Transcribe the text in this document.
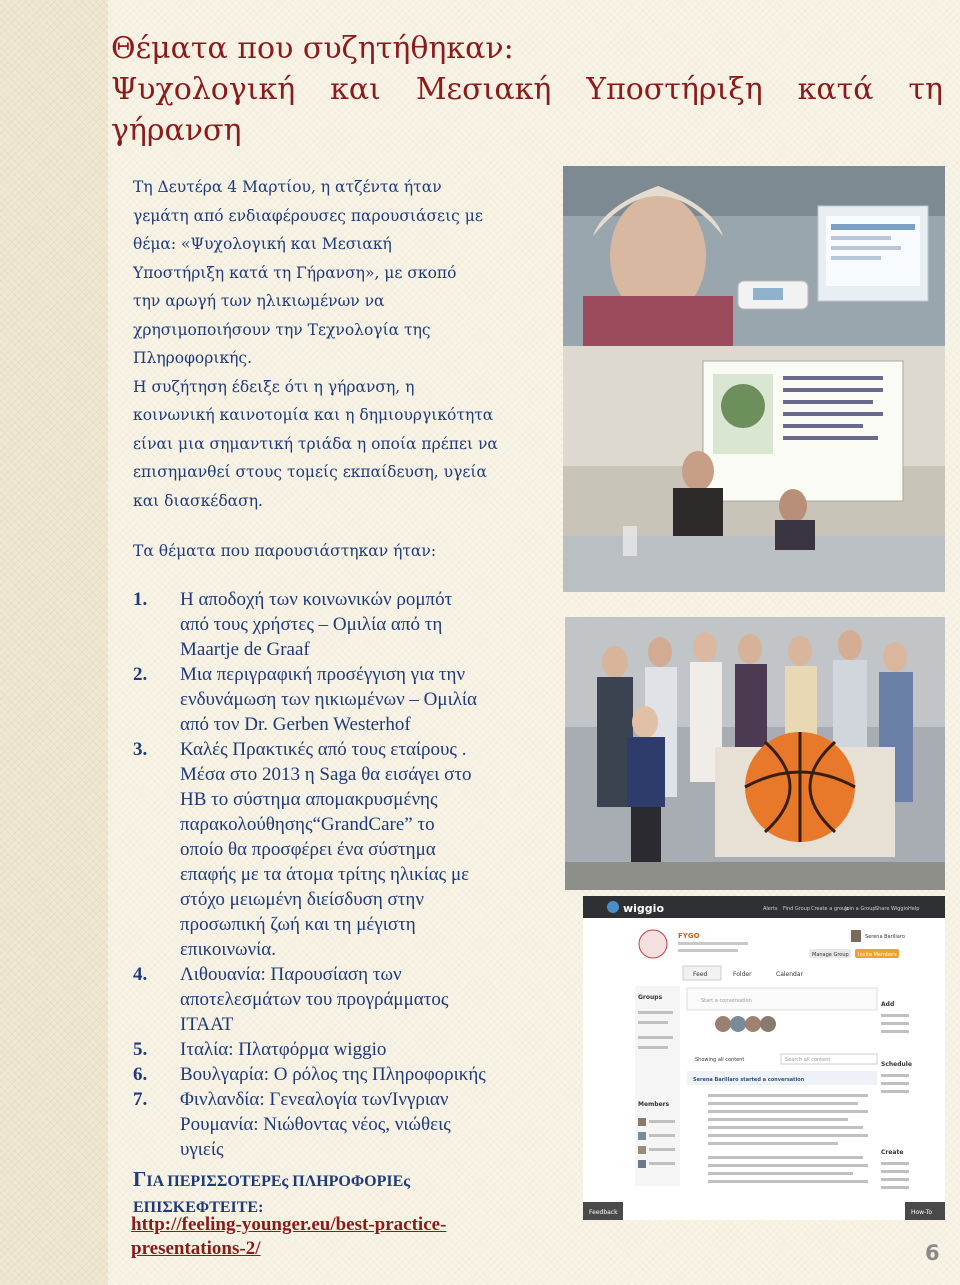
Θέματα που συζητήθηκαν:
Ψυχολογική και Μεσιακή Υποστήριξη κατά τη
γήρανση
Τη Δευτέρα 4 Μαρτίου, η ατζέντα ήταν
γεμάτη από ενδιαφέρουσες παρουσιάσεις με
θέμα: «Ψυχολογική και Μεσιακή
Υποστήριξη κατά τη Γήρανση», με σκοπό
την αρωγή των ηλικιωμένων να
χρησιμοποιήσουν την Τεχνολογία της
Πληροφορικής.
Η συζήτηση έδειξε ότι η γήρανση, η
κοινωνική καινοτομία και η δημιουργικότητα
είναι μια σημαντική τριάδα η οποία πρέπει να
επισημανθεί στους τομείς εκπαίδευση, υγεία
και διασκέδαση.
Τα θέματα που παρουσιάστηκαν ήταν:
1.	Η αποδοχή των κοινωνικών ρομπότ
από τους χρήστες – Ομιλία από τη
Maartje de Graaf
2.	Μια περιγραφική προσέγγιση για την
ενδυνάμωση των ηικιωμένων – Ομιλία
από τον Dr. Gerben Westerhof
3.	Καλές Πρακτικές από τους εταίρους .
Μέσα στο 2013 η Saga θα εισάγει στο
HB το σύστημα απομακρυσμένης
παρακολούθησης“GrandCare” το
οποίο θα προσφέρει ένα σύστημα
επαφής με τα άτομα τρίτης ηλικίας με
στόχο μειωμένη διείσδυση στην
προσωπική ζωή και τη μέγιστη
επικοινωνία.
4.	Λιθουανία: Παρουσίαση των
αποτελεσμάτων του προγράμματος
ITAAT
5.	Ιταλία: Πλατφόρμα wiggio
6.	Βουλγαρία: Ο ρόλος της Πληροφορικής
7.	Φινλανδία: Γενεαλογία τωνΊνγριαν
Ρουμανία: Νιώθοντας νέος, νιώθεις
υγιείς
ΓΙΑ ΠΕΡΙΣΣΟΤΕΡΕς ΠΛΗΡΟΦΟΡΙΕς
ΕΠΙΣΚΕΦΤΕΙΤΕ:
http://feeling-younger.eu/best-practice-
presentations-2/	6
wiggio	Alerts Find Group Create a group
Join a Group Share Wiggio Help
FYGO	Serena Barillaro
Manage Group Invite Members
Feed	Folder	Calendar
Groups
Members
Start a conversation
Showing all content	Search all content
Serena Barillaro started a conversation
Add
Schedule
Create
Feedback	How-To
